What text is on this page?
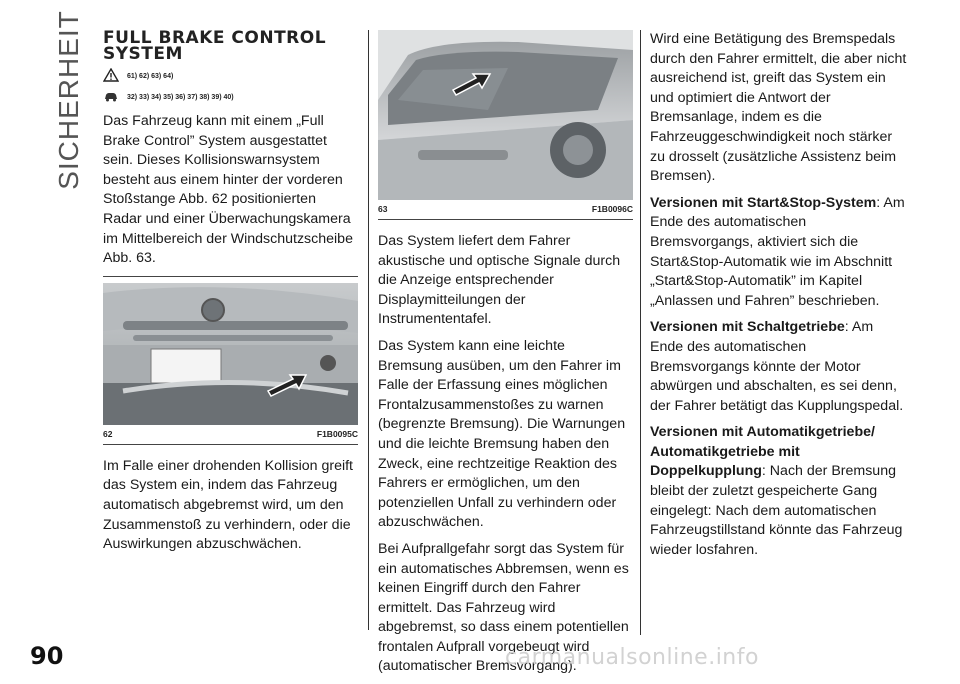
SICHERHEIT FULL BRAKE CONTROL
SYSTEM
61) 62) 63) 64)
32) 33) 34) 35) 36) 37) 38) 39) 40)

Das Fahrzeug kann mit einem „Full Brake Control” System ausgestattet sein. Dieses Kollisionswarnsystem besteht aus einem hinter der vorderen Stoßstange Abb. 62 positionierten Radar und einer Überwachungskamera im Mittelbereich der Windschutzscheibe Abb. 63.

62	F1B0095C

Im Falle einer drohenden Kollision greift das System ein, indem das Fahrzeug automatisch abgebremst wird, um den Zusammenstoß zu verhindern, oder die Auswirkungen abzuschwächen.

63	F1B0096C

Das System liefert dem Fahrer akustische und optische Signale durch die Anzeige entsprechender Displaymitteilungen der Instrumententafel.

Das System kann eine leichte Bremsung ausüben, um den Fahrer im Falle der Erfassung eines möglichen Frontalzusammenstoßes zu warnen (begrenzte Bremsung). Die Warnungen und die leichte Bremsung haben den Zweck, eine rechtzeitige Reaktion des Fahrers er ermöglichen, um den potenziellen Unfall zu verhindern oder abzuschwächen.

Bei Aufprallgefahr sorgt das System für ein automatisches Abbremsen, wenn es keinen Eingriff durch den Fahrer ermittelt. Das Fahrzeug wird abgebremst, so dass einem potentiellen frontalen Aufprall vorgebeugt wird (automatischer Bremsvorgang).

Wird eine Betätigung des Bremspedals durch den Fahrer ermittelt, die aber nicht ausreichend ist, greift das System ein und optimiert die Antwort der Bremsanlage, indem es die Fahrzeuggeschwindigkeit noch stärker zu drosselt (zusätzliche Assistenz beim Bremsen).

Versionen mit Start&Stop-System: Am Ende des automatischen Bremsvorgangs, aktiviert sich die Start&Stop-Automatik wie im Abschnitt „Start&Stop-Automatik” im Kapitel „Anlassen und Fahren” beschrieben.

Versionen mit Schaltgetriebe: Am Ende des automatischen Bremsvorgangs könnte der Motor abwürgen und abschalten, es sei denn, der Fahrer betätigt das Kupplungspedal.

Versionen mit Automatikgetriebe/ Automatikgetriebe mit Doppelkupplung: Nach der Bremsung bleibt der zuletzt gespeicherte Gang eingelegt: Nach dem automatischen Fahrzeugstillstand könnte das Fahrzeug wieder losfahren.

90	carmanualsonline.info
